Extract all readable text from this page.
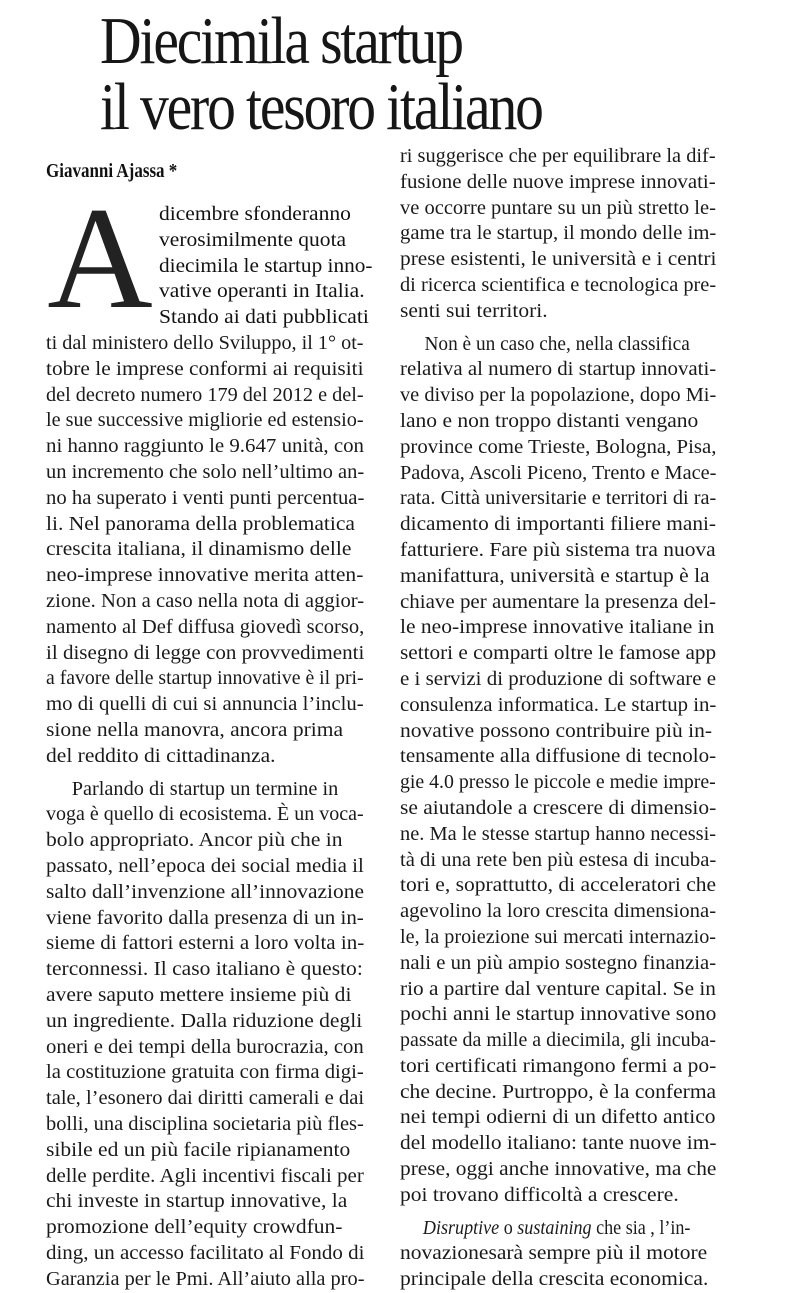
Diecimila startup
il vero tesoro italiano
Giavanni Ajassa *
A dicembre sfonderanno
verosimilmente quota
diecimila le startup inno-
vative operanti in Italia.
Stando ai dati pubblicati

ti dal ministero dello Sviluppo, il 1° ot-
tobre le imprese conformi ai requisiti
del decreto numero 179 del 2012 e del-
le sue successive migliorie ed estensio-
ni hanno raggiunto le 9.647 unità, con
un incremento che solo nell’ultimo an-
no ha superato i venti punti percentua-
li. Nel panorama della problematica
crescita italiana, il dinamismo delle
neo-imprese innovative merita atten-
zione. Non a caso nella nota di aggior-
namento al Def diffusa giovedì scorso,
il disegno di legge con provvedimenti
a favore delle startup innovative è il pri-
mo di quelli di cui si annuncia l’inclu-
sione nella manovra, ancora prima
del reddito di cittadinanza.

Parlando di startup un termine in
voga è quello di ecosistema. È un voca-
bolo appropriato. Ancor più che in
passato, nell’epoca dei social media il
salto dall’invenzione all’innovazione
viene favorito dalla presenza di un in-
sieme di fattori esterni a loro volta in-
terconnessi. Il caso italiano è questo:
avere saputo mettere insieme più di
un ingrediente. Dalla riduzione degli
oneri e dei tempi della burocrazia, con
la costituzione gratuita con firma digi-
tale, l’esonero dai diritti camerali e dai
bolli, una disciplina societaria più fles-
sibile ed un più facile ripianamento
delle perdite. Agli incentivi fiscali per
chi investe in startup innovative, la
promozione dell’equity crowdfun-
ding, un accesso facilitato al Fondo di
Garanzia per le Pmi. All’aiuto alla pro-

ri suggerisce che per equilibrare la dif-
fusione delle nuove imprese innovati-
ve occorre puntare su un più stretto le-
game tra le startup, il mondo delle im-
prese esistenti, le università e i centri
di ricerca scientifica e tecnologica pre-
senti sui territori.

Non è un caso che, nella classifica
relativa al numero di startup innovati-
ve diviso per la popolazione, dopo Mi-
lano e non troppo distanti vengano
province come Trieste, Bologna, Pisa,
Padova, Ascoli Piceno, Trento e Mace-
rata. Città universitarie e territori di ra-
dicamento di importanti filiere mani-
fatturiere. Fare più sistema tra nuova
manifattura, università e startup è la
chiave per aumentare la presenza del-
le neo-imprese innovative italiane in
settori e comparti oltre le famose app
e i servizi di produzione di software e
consulenza informatica. Le startup in-
novative possono contribuire più in-
tensamente alla diffusione di tecnolo-
gie 4.0 presso le piccole e medie impre-
se aiutandole a crescere di dimensio-
ne. Ma le stesse startup hanno necessi-
tà di una rete ben più estesa di incuba-
tori e, soprattutto, di acceleratori che
agevolino la loro crescita dimensiona-
le, la proiezione sui mercati internazio-
nali e un più ampio sostegno finanzia-
rio a partire dal venture capital. Se in
pochi anni le startup innovative sono
passate da mille a diecimila, gli incuba-
tori certificati rimangono fermi a po-
che decine. Purtroppo, è la conferma
nei tempi odierni di un difetto antico
del modello italiano: tante nuove im-
prese, oggi anche innovative, ma che
poi trovano difficoltà a crescere.

Disruptive o sustaining che sia , l’in-
novazionesarà sempre più il motore
principale della crescita economica.
